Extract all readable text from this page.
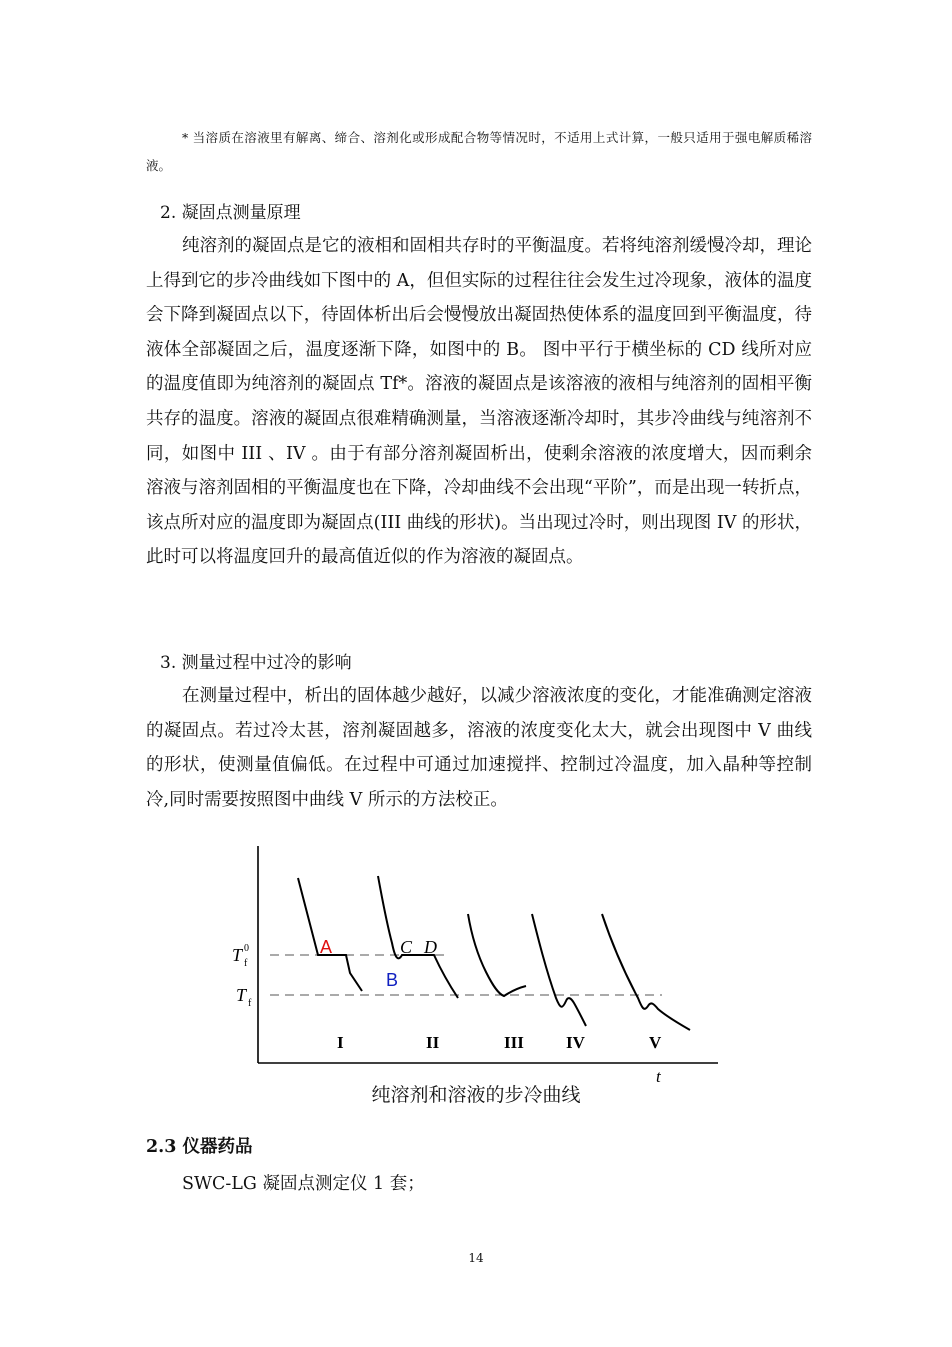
* 当溶质在溶液里有解离、缔合、溶剂化或形成配合物等情况时，不适用上式计算，一般只适用于强电解质稀溶液。

2. 凝固点测量原理

纯溶剂的凝固点是它的液相和固相共存时的平衡温度。若将纯溶剂缓慢冷却，理论上得到它的步冷曲线如下图中的 A，但但实际的过程往往会发生过冷现象，液体的温度会下降到凝固点以下，待固体析出后会慢慢放出凝固热使体系的温度回到平衡温度，待液体全部凝固之后，温度逐渐下降，如图中的 B。 图中平行于横坐标的 CD 线所对应的温度值即为纯溶剂的凝固点 Tf*。溶液的凝固点是该溶液的液相与纯溶剂的固相平衡共存的温度。溶液的凝固点很难精确测量，当溶液逐渐冷却时，其步冷曲线与纯溶剂不同，如图中 III 、IV 。由于有部分溶剂凝固析出，使剩余溶液的浓度增大，因而剩余溶液与溶剂固相的平衡温度也在下降，冷却曲线不会出现“平阶”，而是出现一转折点，该点所对应的温度即为凝固点(III 曲线的形状)。当出现过冷时，则出现图 IV 的形状，此时可以将温度回升的最高值近似的作为溶液的凝固点。

3. 测量过程中过冷的影响

在测量过程中，析出的固体越少越好，以减少溶液浓度的变化，才能准确测定溶液的凝固点。若过冷太甚，溶剂凝固越多，溶液的浓度变化太大，就会出现图中 V 曲线的形状，使测量值偏低。在过程中可通过加速搅拌、控制过冷温度，加入晶种等控制冷,同时需要按照图中曲线 V 所示的方法校正。

T 0
f
T f
A
B
C D
I	II	III IV	V
t
纯溶剂和溶液的步冷曲线
2.3 仪器药品
SWC-LG 凝固点测定仪 1 套；
14
